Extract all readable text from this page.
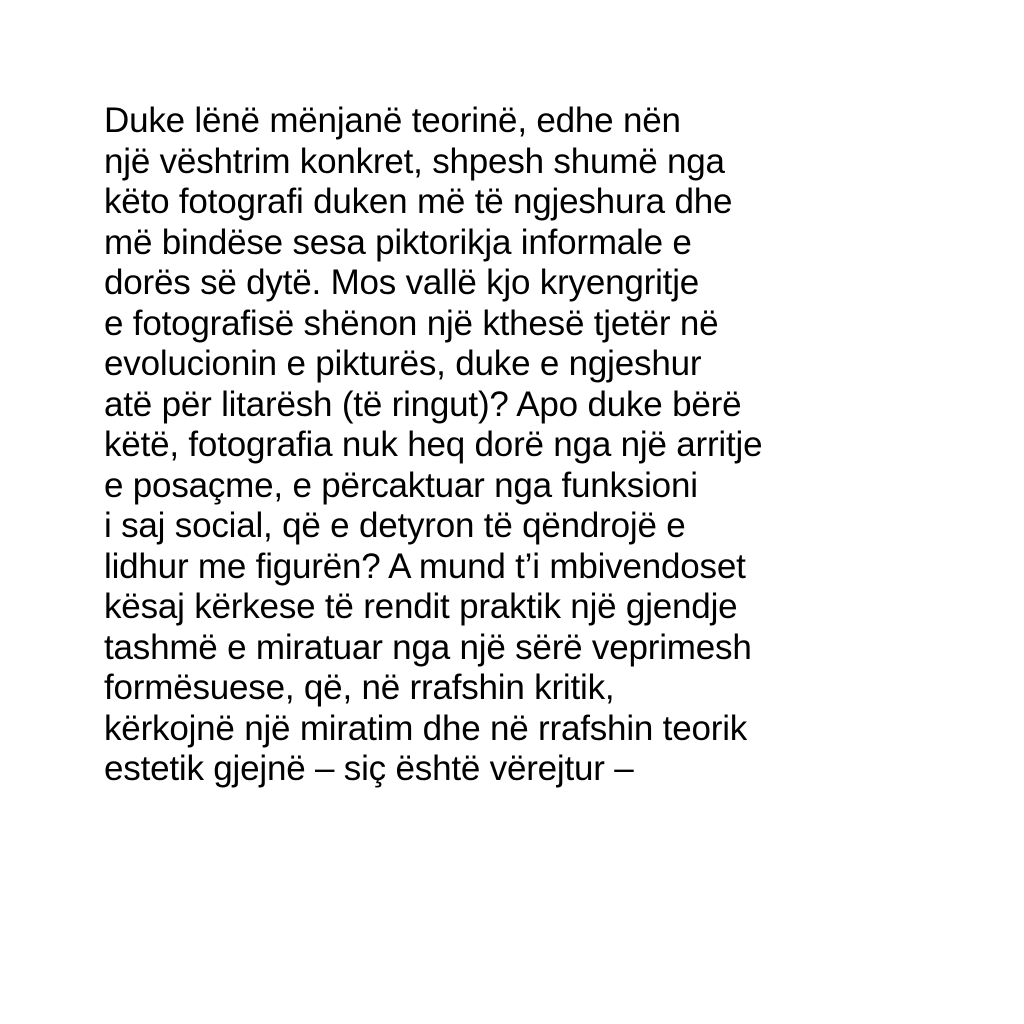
Duke lënë mënjanë teorinë, edhe nën
një vështrim konkret, shpesh shumë nga
këto fotografi duken më të ngjeshura dhe
më bindëse sesa piktorikja informale e
dorës së dytë. Mos vallë kjo kryengritje
e fotografisë shënon një kthesë tjetër në
evolucionin e pikturës, duke e ngjeshur
atë për litarësh (të ringut)? Apo duke bërë
këtë, fotografia nuk heq dorë nga një arritje
e posaçme, e përcaktuar nga funksioni
i saj social, që e detyron të qëndrojë e
lidhur me figurën? A mund t’i mbivendoset
kësaj kërkese të rendit praktik një gjendje
tashmë e miratuar nga një sërë veprimesh
formësuese, që, në rrafshin kritik,
kërkojnë një miratim dhe në rrafshin teorik
estetik gjejnë – siç është vërejtur –
